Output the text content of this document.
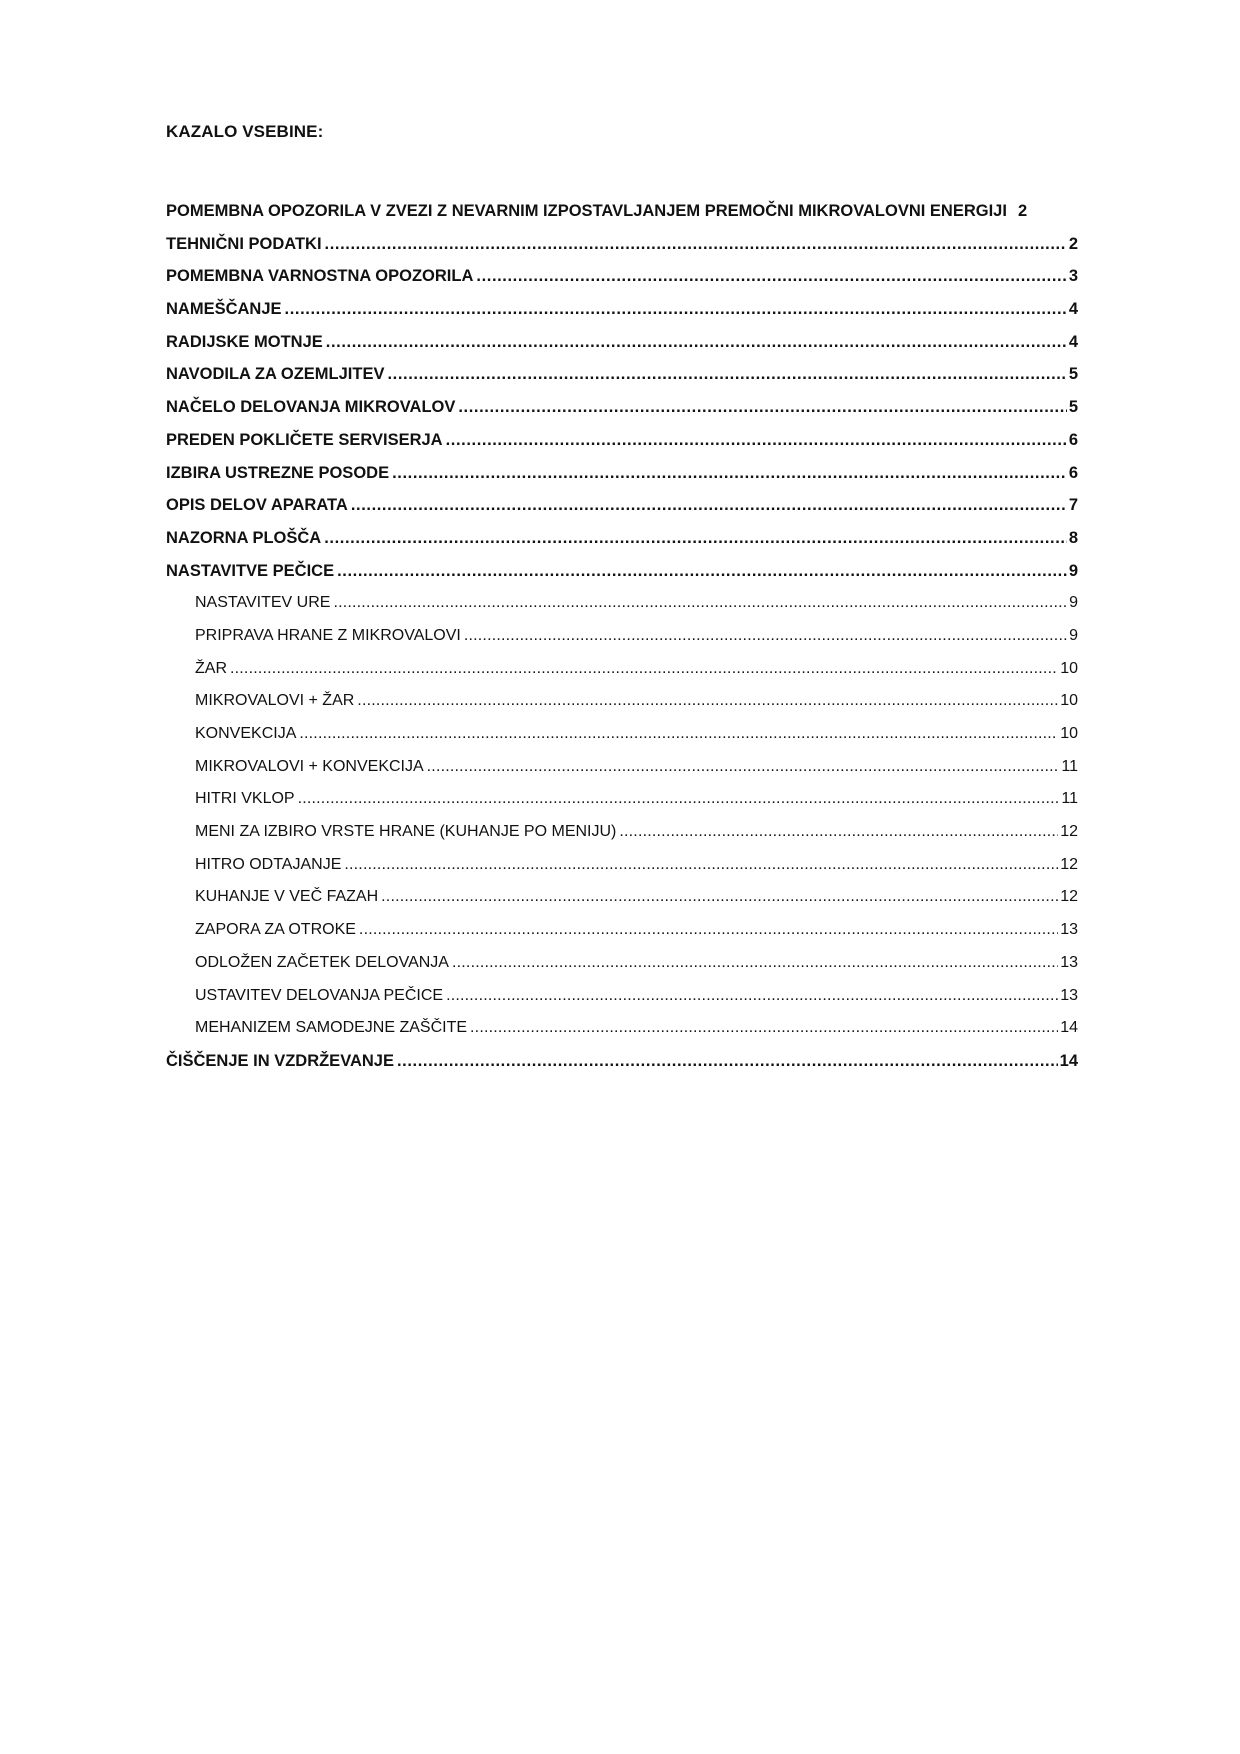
KAZALO VSEBINE:
POMEMBNA OPOZORILA V ZVEZI Z NEVARNIM IZPOSTAVLJANJEM PREMOČNI MIKROVALOVNI ENERGIJI 2
TEHNIČNI PODATKI .....	2
POMEMBNA VARNOSTNA OPOZORILA .....	3
NAMEŠČANJE .....	4
RADIJSKE MOTNJE .....	4
NAVODILA ZA OZEMLJITEV .....	5
NAČELO DELOVANJA MIKROVALOV .....	5
PREDEN POKLIČETE SERVISERJA .....	6
IZBIRA USTREZNE POSODE .....	6
OPIS DELOV APARATA .....	7
NAZORNA PLOŠČA .....	8
NASTAVITVE PEČICE .....	9
NASTAVITEV URE .....	9
PRIPRAVA HRANE Z MIKROVALOVI .....	9
ŽAR .....	10
MIKROVALOVI + ŽAR .....	10
KONVEKCIJA .....	10
MIKROVALOVI + KONVEKCIJA .....	11
HITRI VKLOP .....	11
MENI ZA IZBIRO VRSTE HRANE (KUHANJE PO MENIJU) .....	12
HITRO ODTAJANJE .....	12
KUHANJE V VEČ FAZAH .....	12
ZAPORA ZA OTROKE .....	13
ODLOŽEN ZAČETEK DELOVANJA .....	13
USTAVITEV DELOVANJA PEČICE .....	13
MEHANIZEM SAMODEJNE ZAŠČITE .....	14
ČIŠČENJE IN VZDRŽEVANJE .....	14
